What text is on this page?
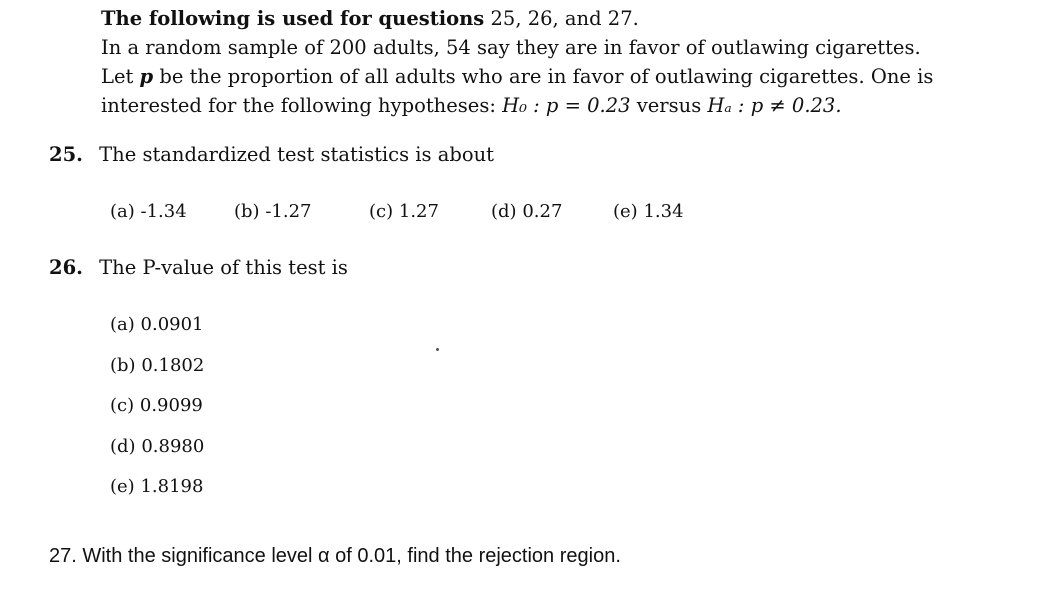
The following is used for questions 25, 26, and 27.
In a random sample of 200 adults, 54 say they are in favor of outlawing cigarettes.
Let p be the proportion of all adults who are in favor of outlawing cigarettes. One is
interested for the following hypotheses: H₀ : p = 0.23 versus Hₐ : p ≠ 0.23.
25. The standardized test statistics is about
(a) -1.34	(b) -1.27	(c) 1.27	(d) 0.27	(e) 1.34
26. The P-value of this test is
(a) 0.0901
(b) 0.1802
(c) 0.9099
(d) 0.8980
(e) 1.8198
27. With the significance level α of 0.01, find the rejection region.
